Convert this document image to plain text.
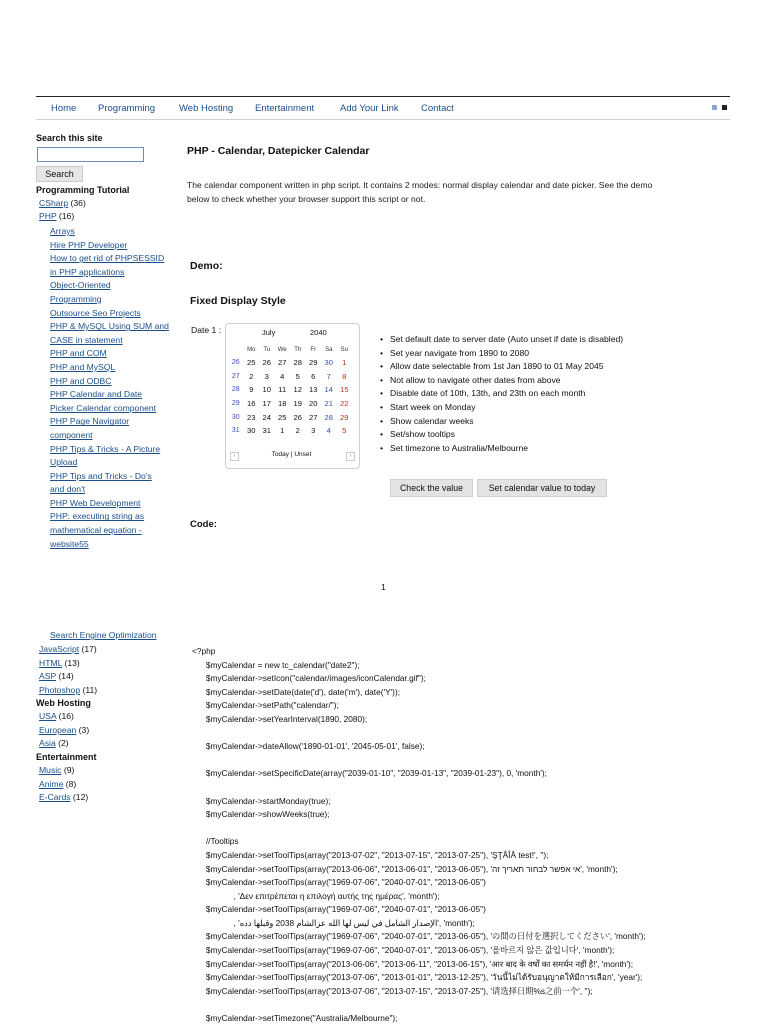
Home Programming	Web Hosting Entertainment	Add Your Link Contact
Search this site
Search
Programming Tutorial
CSharp (36)
PHP (16)
Arrays
Hire PHP Developer
How to get rid of PHPSESSID
in PHP applications
Object-Oriented
Programming
Outsource Seo Projects
PHP & MySQL Using SUM and
CASE in statement
PHP and COM
PHP and MySQL
PHP and ODBC
PHP Calendar and Date
Picker Calendar component
PHP Page Navigator
component
PHP Tips & Tricks - A Picture
Upload
PHP Tips and Tricks - Do's
and don't
PHP Web Development
PHP: executing string as
mathematical equation -
website55
Search Engine Optimization
JavaScript (17)
HTML (13)
ASP (14)
Photoshop (11)
Web Hosting
USA (16)
European (3)
Asia (2)
Entertainment
Music (9)
Anime (8)
E-Cards (12)
PHP - Calendar, Datepicker Calendar
The calendar component written in php script. It contains 2 modes: normal display calendar and date picker. See the demo
below to check whether your browser support this script or not.
Demo:
Fixed Display Style
Date 1 :	July	2040
	Mo	Tu	We	Th	Fr	Sa	Su
26	25	26	27	28	29	30	1
27	2	3	4	5	6	7	8
28	9	10	11	12	13	14	15
29	16	17	18	19	20	21	22
30	23	24	25	26	27	28	29
31	30	31	1	2	3	4	5
Today | Unset
‹	›
• Set default date to server date (Auto unset if date is disabled)
• Set year navigate from 1890 to 2080
• Allow date selectable from 1st Jan 1890 to 01 May 2045
• Not allow to navigate other dates from above
• Disable date of 10th, 13th, and 23th on each month
• Start week on Monday
• Show calendar weeks
• Set/show tooltips
• Set timezone to Australia/Melbourne
Check the value	Set calendar value to today
Code:
1
<?php
$myCalendar = new tc_calendar("date2");
$myCalendar->setIcon("calendar/images/iconCalendar.gif");
$myCalendar->setDate(date('d'), date('m'), date('Y'));
$myCalendar->setPath("calendar/");
$myCalendar->setYearInterval(1890, 2080);

$myCalendar->dateAllow('1890-01-01', '2045-05-01', false);

$myCalendar->setSpecificDate(array("2039-01-10", "2039-01-13", "2039-01-23"), 0, 'month');

$myCalendar->startMonday(true);
$myCalendar->showWeeks(true);

//Tooltips
$myCalendar->setToolTips(array("2013-07-02", "2013-07-15", "2013-07-25"), 'ŞŢÂÎĂ test!', '');
$myCalendar->setToolTips(array("2013-06-06", "2013-06-01", "2013-06-05"), 'אי אפשר לבחור תאריך זה', 'month');
$myCalendar->setToolTips(array("1969-07-06", "2040-07-01", "2013-06-05")
, 'Δεν επιτρέπεται η επιλογή αυτής της ημέρας', 'month');
$myCalendar->setToolTips(array("1969-07-06", "2040-07-01", "2013-06-05")
, 'الإصدار الشامل في ليس لها الله عزالشام 2038 وقبلها دده', 'month');
$myCalendar->setToolTips(array("1969-07-06", "2040-07-01", "2013-06-05"), 'の間の日付を選択してください', 'month');
$myCalendar->setToolTips(array("1969-07-06", "2040-07-01", "2013-06-05"), '올바르지 않은 값입니다', 'month');
$myCalendar->setToolTips(array("2013-06-06", "2013-06-11", "2013-06-15"), 'आर बाद के वर्षों का समर्थन नहीं है!', 'month');
$myCalendar->setToolTips(array("2013-07-06", "2013-01-01", "2013-12-25"), 'วันนี้ไม่ได้รับอนุญาตให้มีการเลือก', 'year');
$myCalendar->setToolTips(array("2013-07-06", "2013-07-15", "2013-07-25"), '请选择日期%s之前一个', '');

$myCalendar->setTimezone("Australia/Melbourne");
